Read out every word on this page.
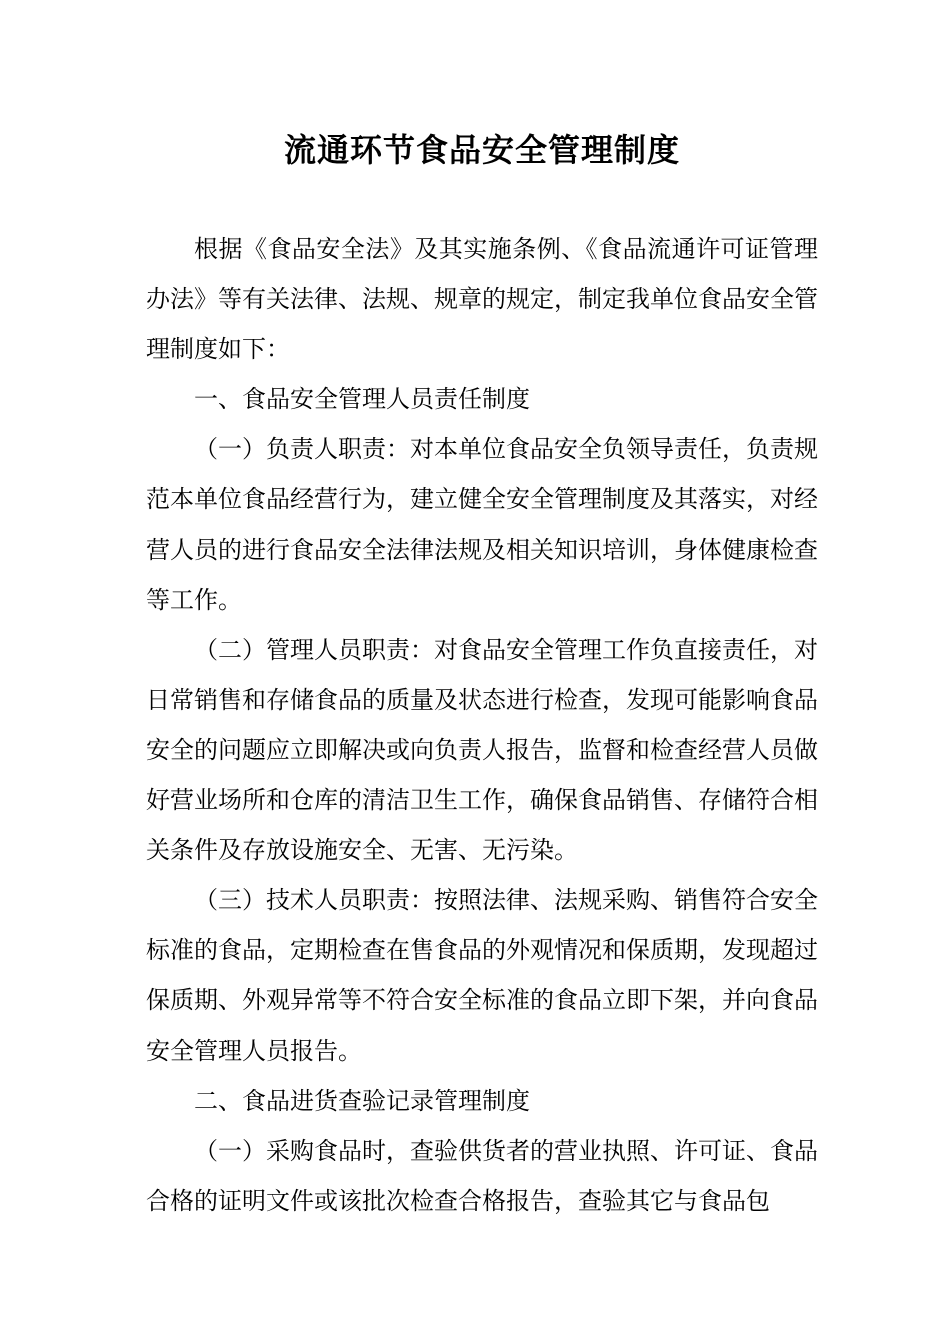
流通环节食品安全管理制度

根据《食品安全法》及其实施条例、《食品流通许可证管理办法》等有关法律、法规、规章的规定，制定我单位食品安全管理制度如下：

一、食品安全管理人员责任制度

（一）负责人职责：对本单位食品安全负领导责任，负责规范本单位食品经营行为，建立健全安全管理制度及其落实，对经营人员的进行食品安全法律法规及相关知识培训，身体健康检查等工作。

（二）管理人员职责：对食品安全管理工作负直接责任，对日常销售和存储食品的质量及状态进行检查，发现可能影响食品安全的问题应立即解决或向负责人报告，监督和检查经营人员做好营业场所和仓库的清洁卫生工作，确保食品销售、存储符合相关条件及存放设施安全、无害、无污染。

（三）技术人员职责：按照法律、法规采购、销售符合安全标准的食品，定期检查在售食品的外观情况和保质期，发现超过保质期、外观异常等不符合安全标准的食品立即下架，并向食品安全管理人员报告。

二、食品进货查验记录管理制度

（一）采购食品时，查验供货者的营业执照、许可证、食品合格的证明文件或该批次检查合格报告，查验其它与食品包
